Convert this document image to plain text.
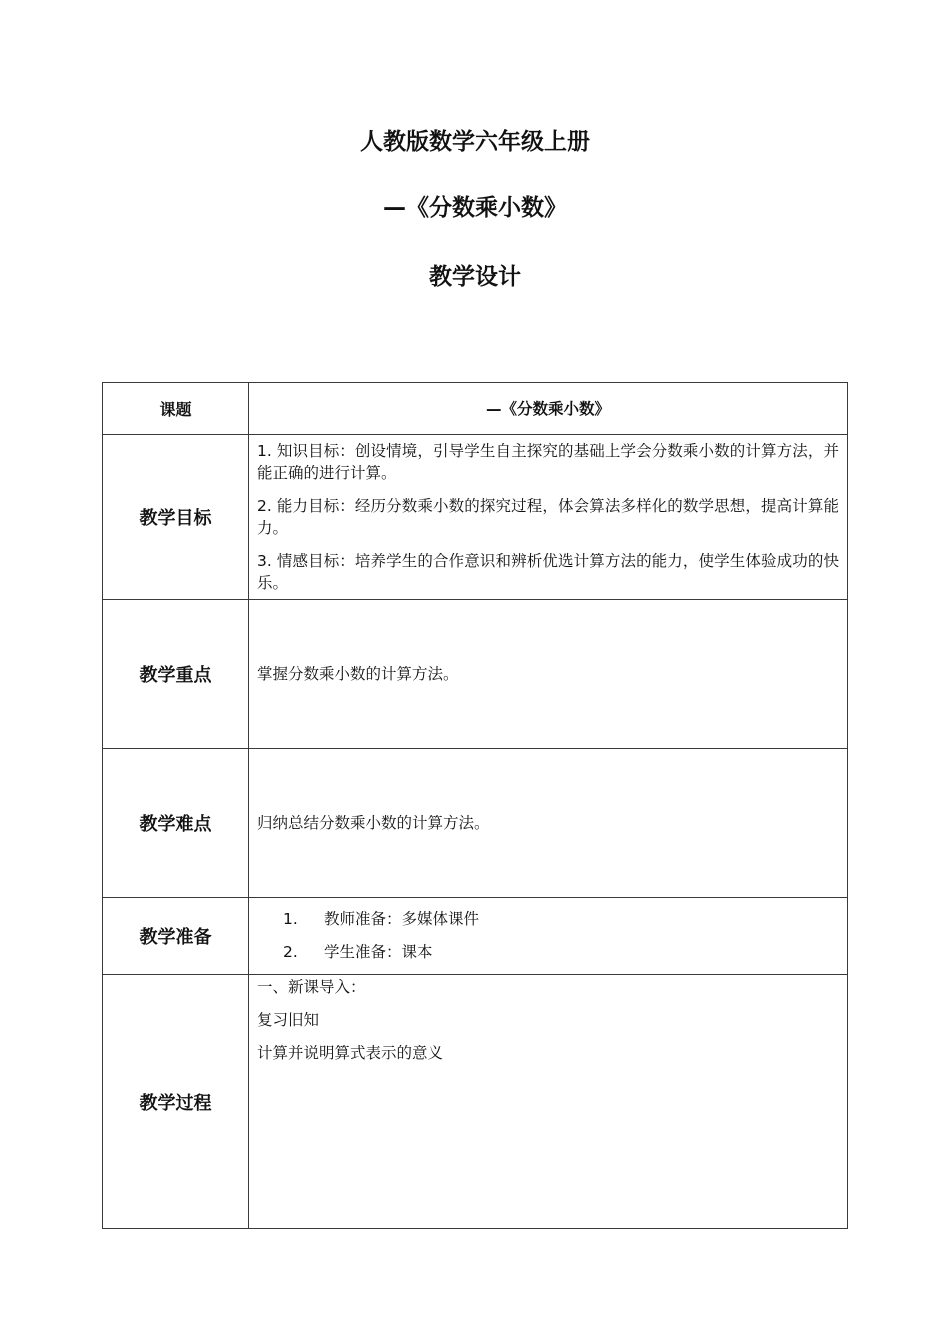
人教版数学六年级上册
—《分数乘小数》
教学设计
课题	—《分数乘小数》
教学目标	1. 知识目标：创设情境，引导学生自主探究的基础上学会分数乘小数的计算方法，并能正确的进行计算。

2. 能力目标：经历分数乘小数的探究过程，体会算法多样化的数学思想，提高计算能力。

3. 情感目标：培养学生的合作意识和辨析优选计算方法的能力，使学生体验成功的快乐。

教学重点	掌握分数乘小数的计算方法。
教学难点	归纳总结分数乘小数的计算方法。
教学准备	1. 教师准备：多媒体课件
2. 学生准备：课本

教学过程	一、新课导入：

复习旧知

计算并说明算式表示的意义
